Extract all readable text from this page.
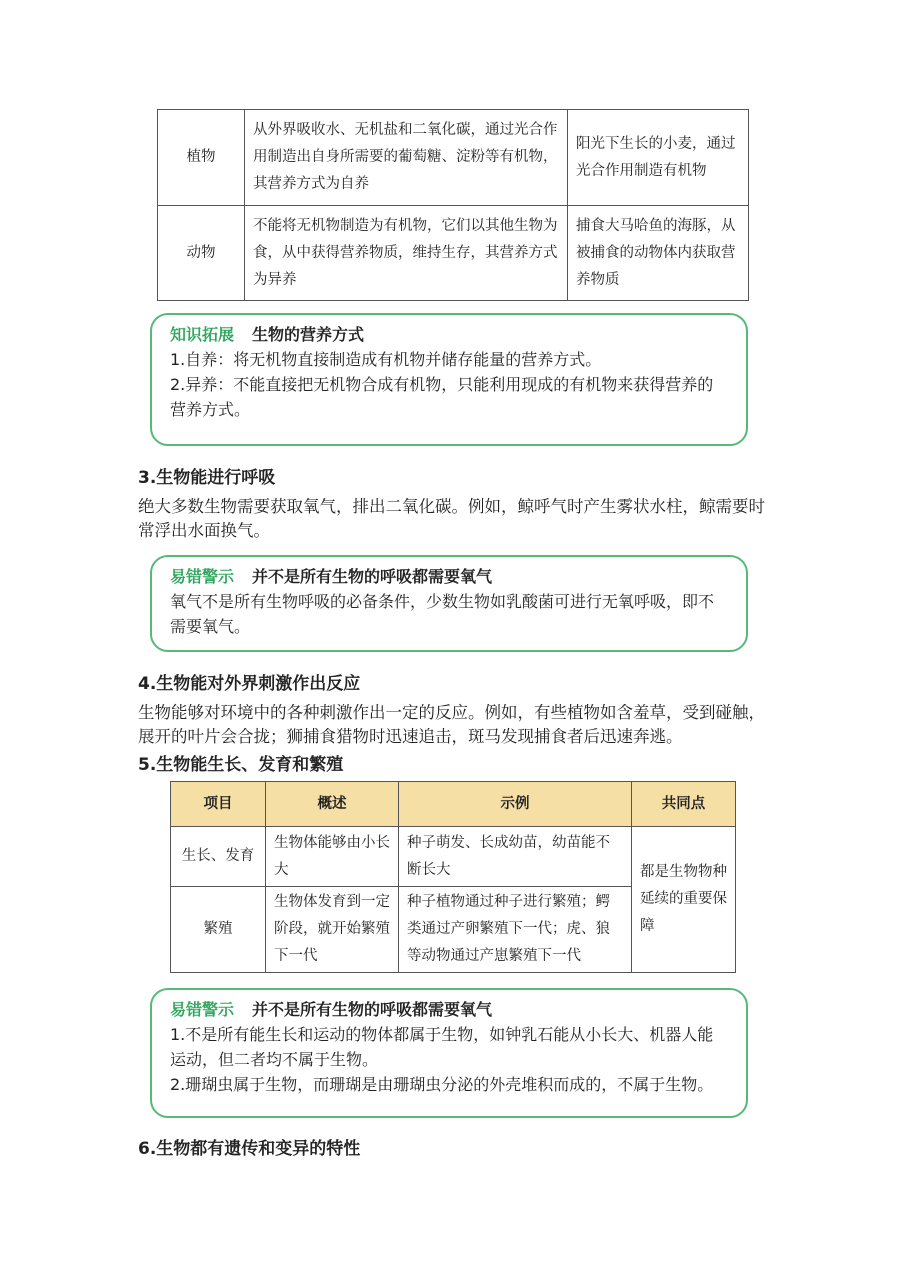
植物	从外界吸收水、无机盐和二氧化碳，通过光合作用制造出自身所需要的葡萄糖、淀粉等有机物，其营养方式为自养	阳光下生长的小麦，通过光合作用制造有机物
动物	不能将无机物制造为有机物，它们以其他生物为食，从中获得营养物质，维持生存，其营养方式为异养	捕食大马哈鱼的海豚，从被捕食的动物体内获取营养物质

知识拓展 生物的营养方式

1.自养：将无机物直接制造成有机物并储存能量的营养方式。

2.异养：不能直接把无机物合成有机物，只能利用现成的有机物来获得营养的营养方式。

3.生物能进行呼吸

绝大多数生物需要获取氧气，排出二氧化碳。例如，鲸呼气时产生雾状水柱，鲸需要时常浮出水面换气。

易错警示 并不是所有生物的呼吸都需要氧气

氧气不是所有生物呼吸的必备条件，少数生物如乳酸菌可进行无氧呼吸，即不需要氧气。

4.生物能对外界刺激作出反应

生物能够对环境中的各种刺激作出一定的反应。例如，有些植物如含羞草，受到碰触，展开的叶片会合拢；狮捕食猎物时迅速追击，斑马发现捕食者后迅速奔逃。

5.生物能生长、发育和繁殖
项目	概述	示例	共同点
生长、发育	生物体能够由小长大	种子萌发、长成幼苗，幼苗能不断长大	都是生物物种延续的重要保障
繁殖	生物体发育到一定阶段，就开始繁殖下一代	种子植物通过种子进行繁殖；鳄类通过产卵繁殖下一代；虎、狼等动物通过产崽繁殖下一代	

易错警示 并不是所有生物的呼吸都需要氧气

1.不是所有能生长和运动的物体都属于生物，如钟乳石能从小长大、机器人能运动，但二者均不属于生物。

2.珊瑚虫属于生物，而珊瑚是由珊瑚虫分泌的外壳堆积而成的，不属于生物。

6.生物都有遗传和变异的特性
